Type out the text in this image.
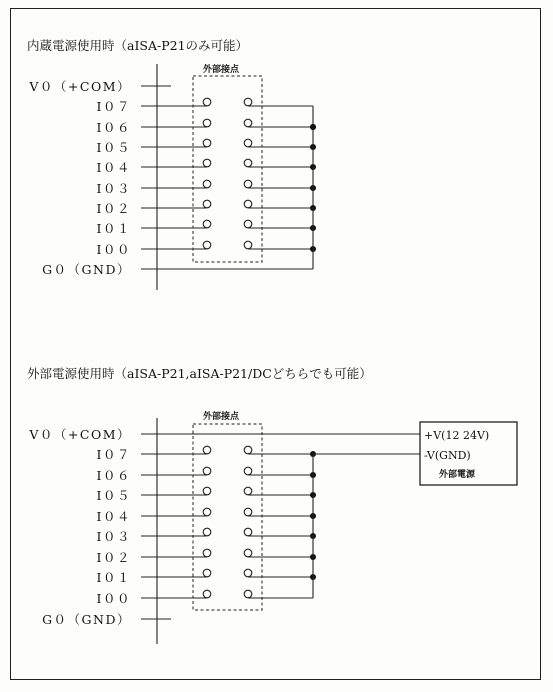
内蔵電源使用時（aISA-P21のみ可能）
外部接点
V０（+COM）
I０７
I０６
I０５
I０４
I０３
I０２
I０１
I００
G０（GND）
外部電源使用時（aISA-P21,aISA-P21/DCどちらでも可能）
外部接点
V０（+COM）
I０７
I０６
I０５
I０４
I０３
I０２
I０１
I００
G０（GND）
+V(12 24V)
-V(GND)
外部電源
